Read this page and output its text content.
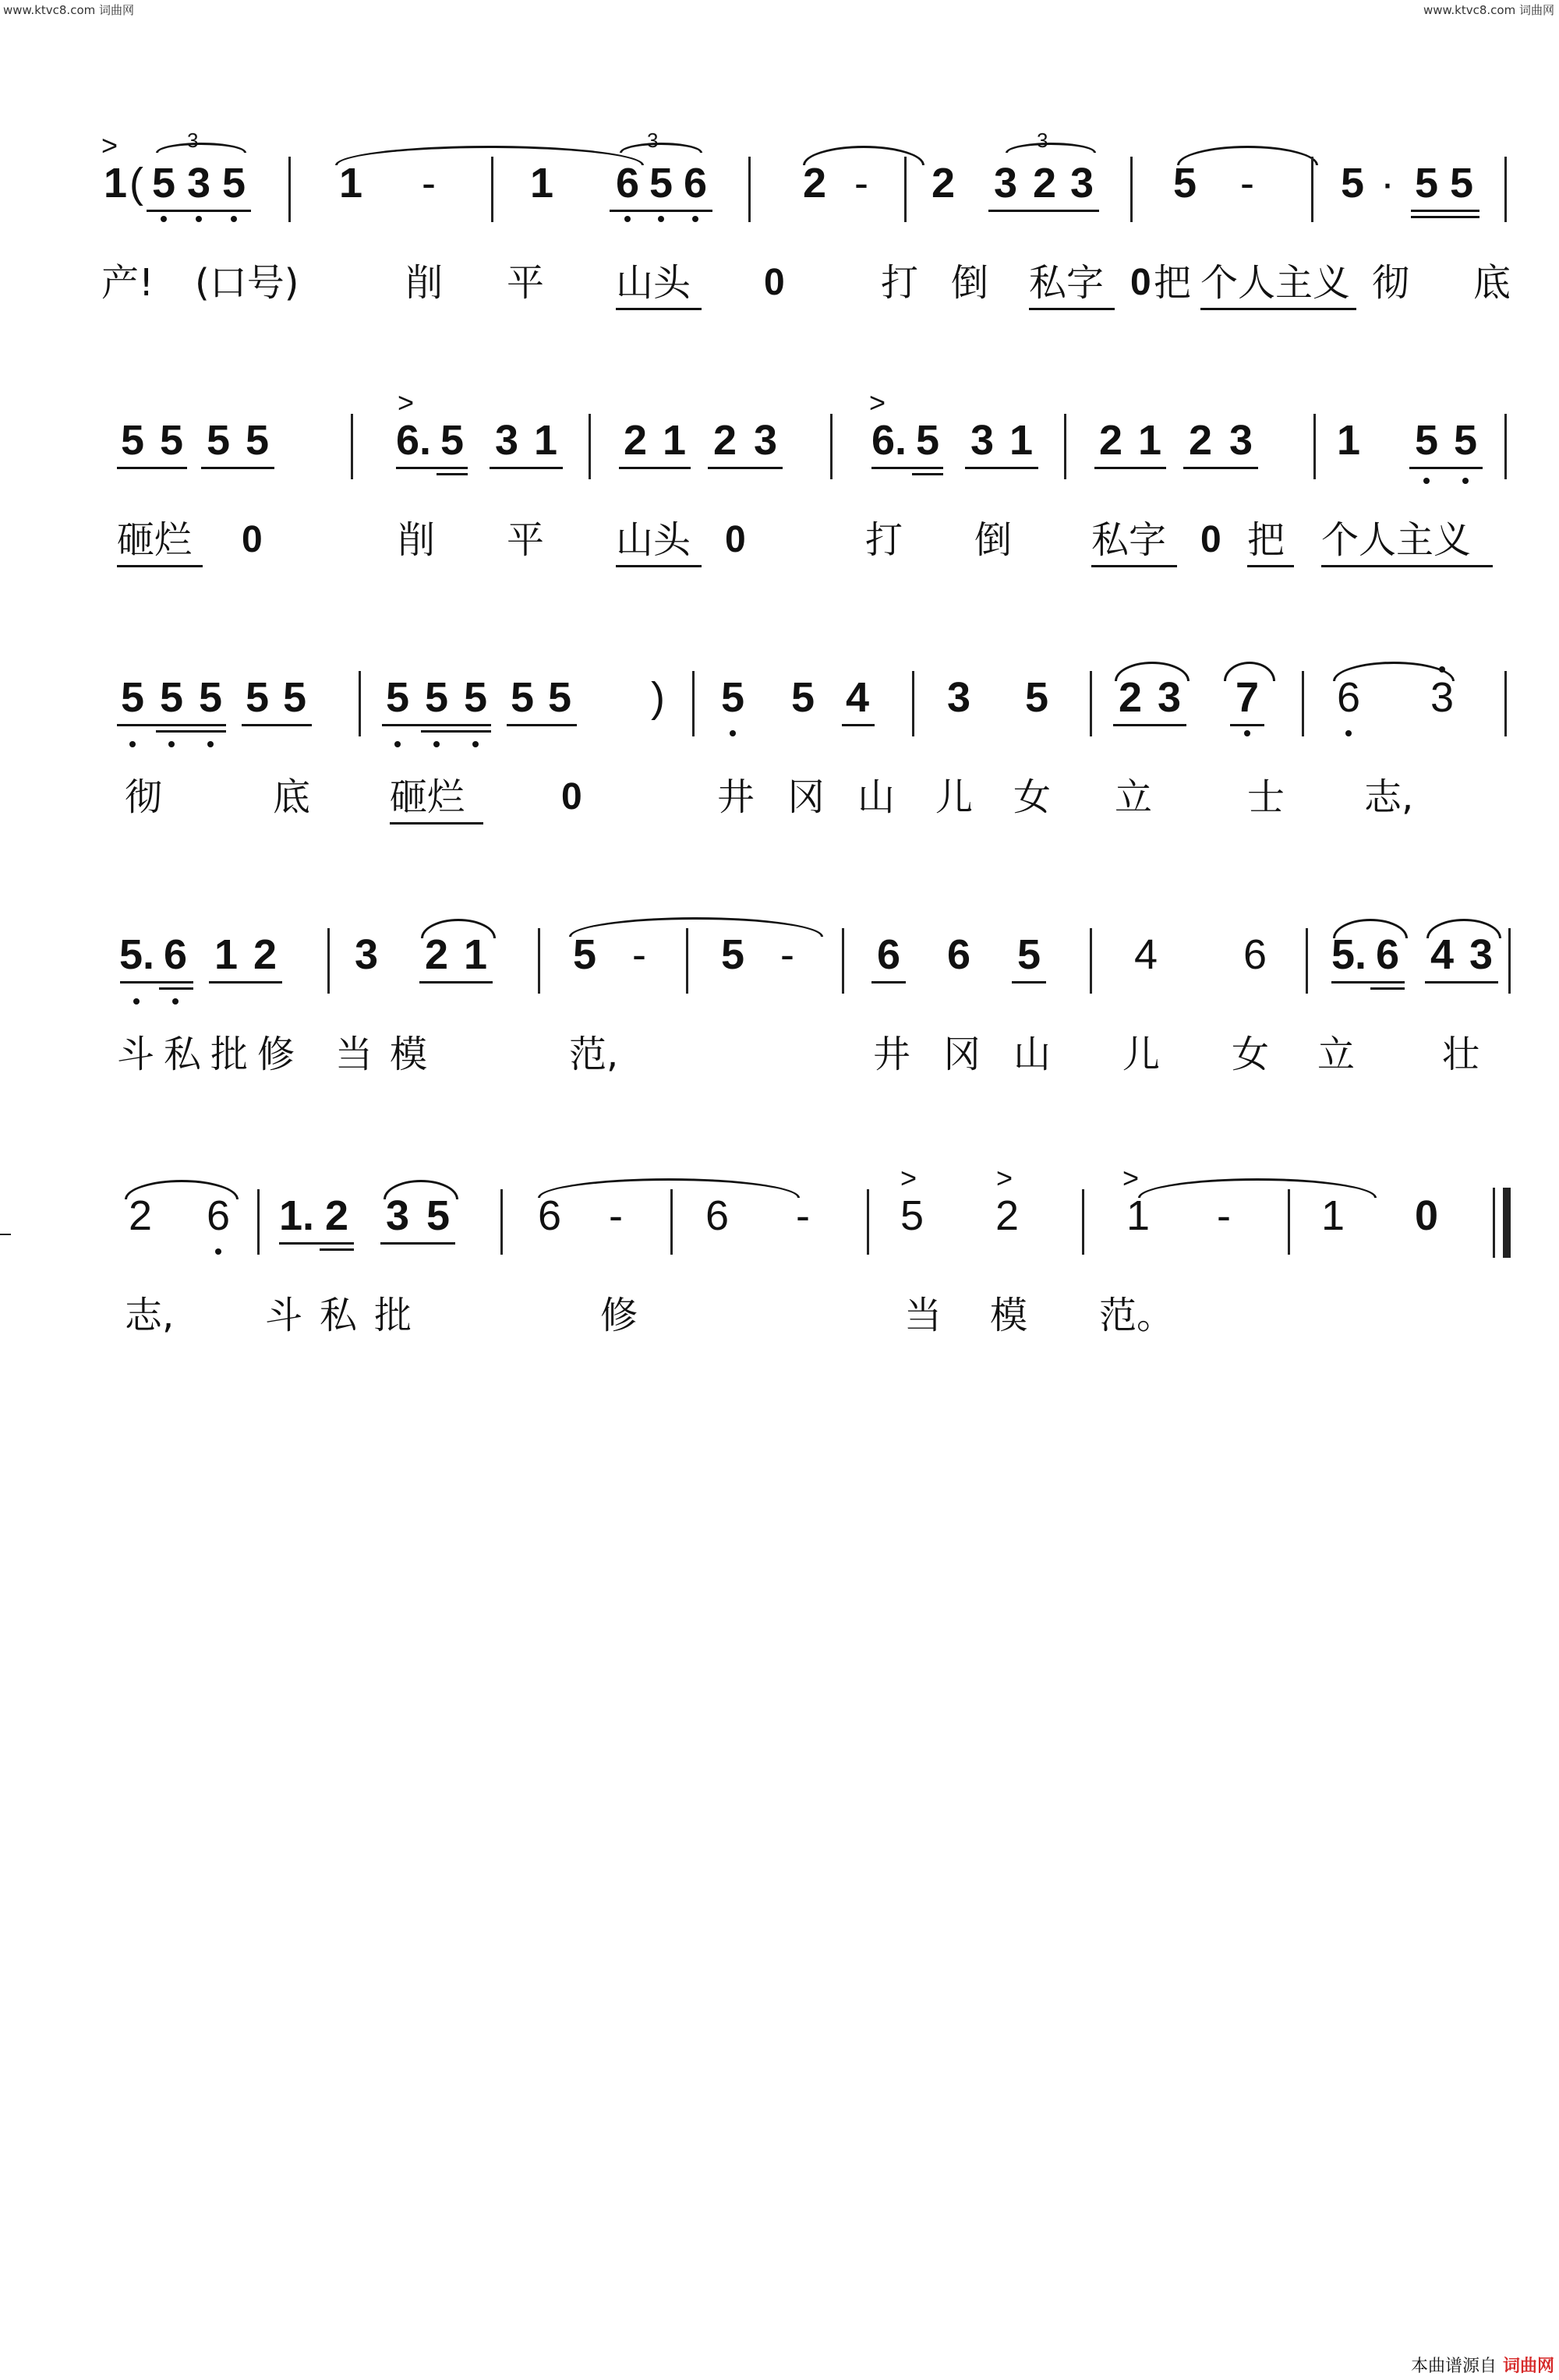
www.ktvc8.com 词曲网	www.ktvc8.com 词曲网
>
1 (
3
5 3 5 1 - 1
3
6 5 6 2 - 2
3
3 2 3 5 - 5 · 5 5
产! (口号)	削 平 山头 0	打 倒 私字 0 把 个人主义 彻 底
5 5 5 5
>
6. 5 3 1 2 1 2 3
>
6. 5 3 1 2 1 2 3 1 5 5
砸烂 0	削 平 山头 0	打 倒 私字 0 把 个人主义
5 5 5 5 5 5 5 5 5 5 ) 5 5 4 3 5 2 3 7 6 3
彻	底 砸烂	0	井 冈 山 儿 女 立	士 志,
5. 6 1 2 3 2 1 5 - 5 - 6 6 5 4 6 5. 6 4 3
斗 私 批 修 当 模	范,	井 冈 山 儿 女 立 壮
2 6 1. 2 3 5 6 - 6 -
>
5
>
2
>
1 - 1 0
志, 斗 私 批	修	当 模 范。
本曲谱源自 词曲网
